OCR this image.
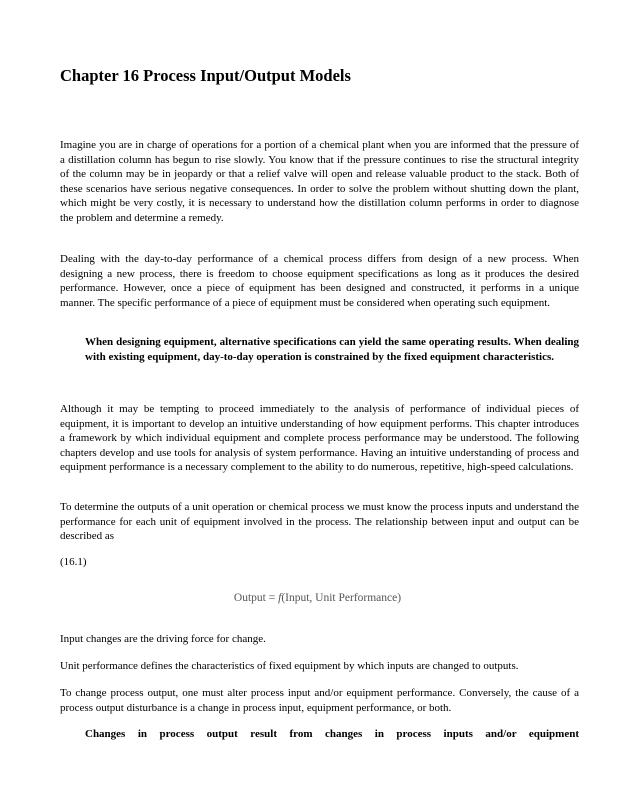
Chapter 16 Process Input/Output Models

Imagine you are in charge of operations for a portion of a chemical plant when you are informed that the pressure of a distillation column has begun to rise slowly. You know that if the pressure continues to rise the structural integrity of the column may be in jeopardy or that a relief valve will open and release valuable product to the stack. Both of these scenarios have serious negative consequences. In order to solve the problem without shutting down the plant, which might be very costly, it is necessary to understand how the distillation column performs in order to diagnose the problem and determine a remedy.

Dealing with the day-to-day performance of a chemical process differs from design of a new process. When designing a new process, there is freedom to choose equipment specifications as long as it produces the desired performance. However, once a piece of equipment has been designed and constructed, it performs in a unique manner. The specific performance of a piece of equipment must be considered when operating such equipment.

When designing equipment, alternative specifications can yield the same operating results. When dealing with existing equipment, day-to-day operation is constrained by the fixed equipment characteristics.

Although it may be tempting to proceed immediately to the analysis of performance of individual pieces of equipment, it is important to develop an intuitive understanding of how equipment performs. This chapter introduces a framework by which individual equipment and complete process performance may be understood. The following chapters develop and use tools for analysis of system performance. Having an intuitive understanding of process and equipment performance is a necessary complement to the ability to do numerous, repetitive, high-speed calculations.

To determine the outputs of a unit operation or chemical process we must know the process inputs and understand the performance for each unit of equipment involved in the process. The relationship between input and output can be described as

(16.1)

Output = f(Input, Unit Performance)

Input changes are the driving force for change.

Unit performance defines the characteristics of fixed equipment by which inputs are changed to outputs.

To change process output, one must alter process input and/or equipment performance. Conversely, the cause of a process output disturbance is a change in process input, equipment performance, or both.

Changes in process output result from changes in process inputs and/or equipment
